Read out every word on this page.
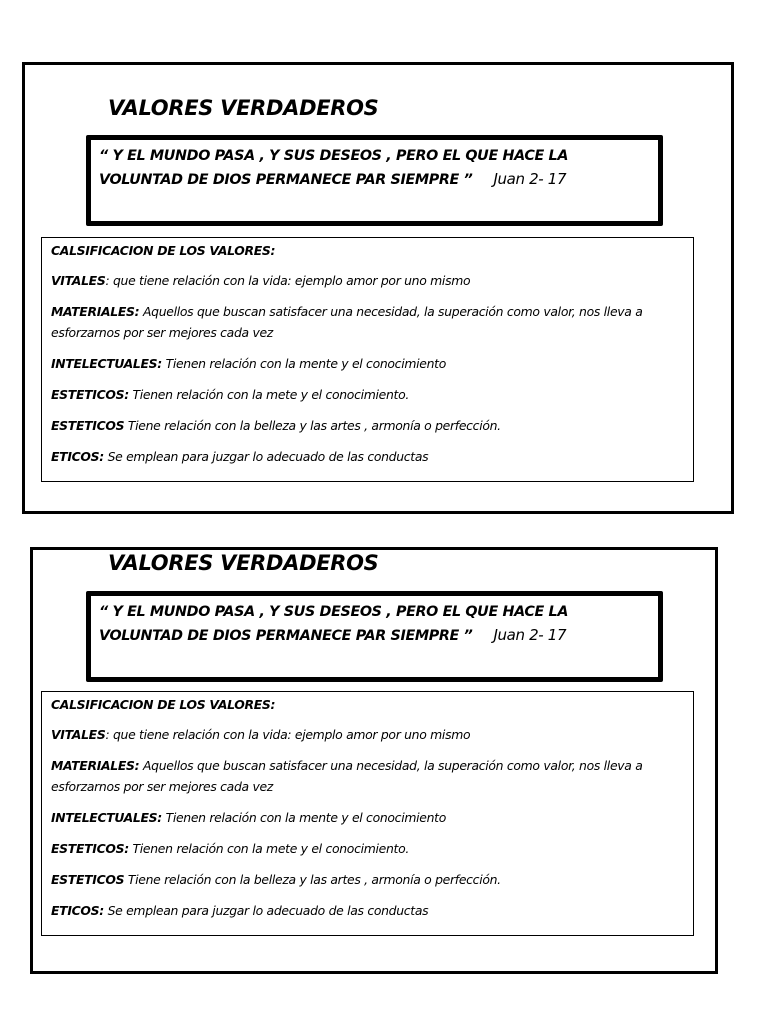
VALORES VERDADEROS
“ Y EL MUNDO PASA , Y SUS DESEOS , PERO EL QUE HACE LA VOLUNTAD DE DIOS PERMANECE PAR SIEMPRE ” Juan 2- 17

CALSIFICACION DE LOS VALORES:

VITALES: que tiene relación con la vida: ejemplo amor por uno mismo

MATERIALES: Aquellos que buscan satisfacer una necesidad, la superación como valor, nos lleva a esforzarnos por ser mejores cada vez

INTELECTUALES: Tienen relación con la mente y el conocimiento

ESTETICOS: Tienen relación con la mete y el conocimiento.

ESTETICOS Tiene relación con la belleza y las artes , armonía o perfección.

ETICOS: Se emplean para juzgar lo adecuado de las conductas

VALORES VERDADEROS
“ Y EL MUNDO PASA , Y SUS DESEOS , PERO EL QUE HACE LA VOLUNTAD DE DIOS PERMANECE PAR SIEMPRE ” Juan 2- 17

CALSIFICACION DE LOS VALORES:

VITALES: que tiene relación con la vida: ejemplo amor por uno mismo

MATERIALES: Aquellos que buscan satisfacer una necesidad, la superación como valor, nos lleva a esforzarnos por ser mejores cada vez

INTELECTUALES: Tienen relación con la mente y el conocimiento

ESTETICOS: Tienen relación con la mete y el conocimiento.

ESTETICOS Tiene relación con la belleza y las artes , armonía o perfección.

ETICOS: Se emplean para juzgar lo adecuado de las conductas
